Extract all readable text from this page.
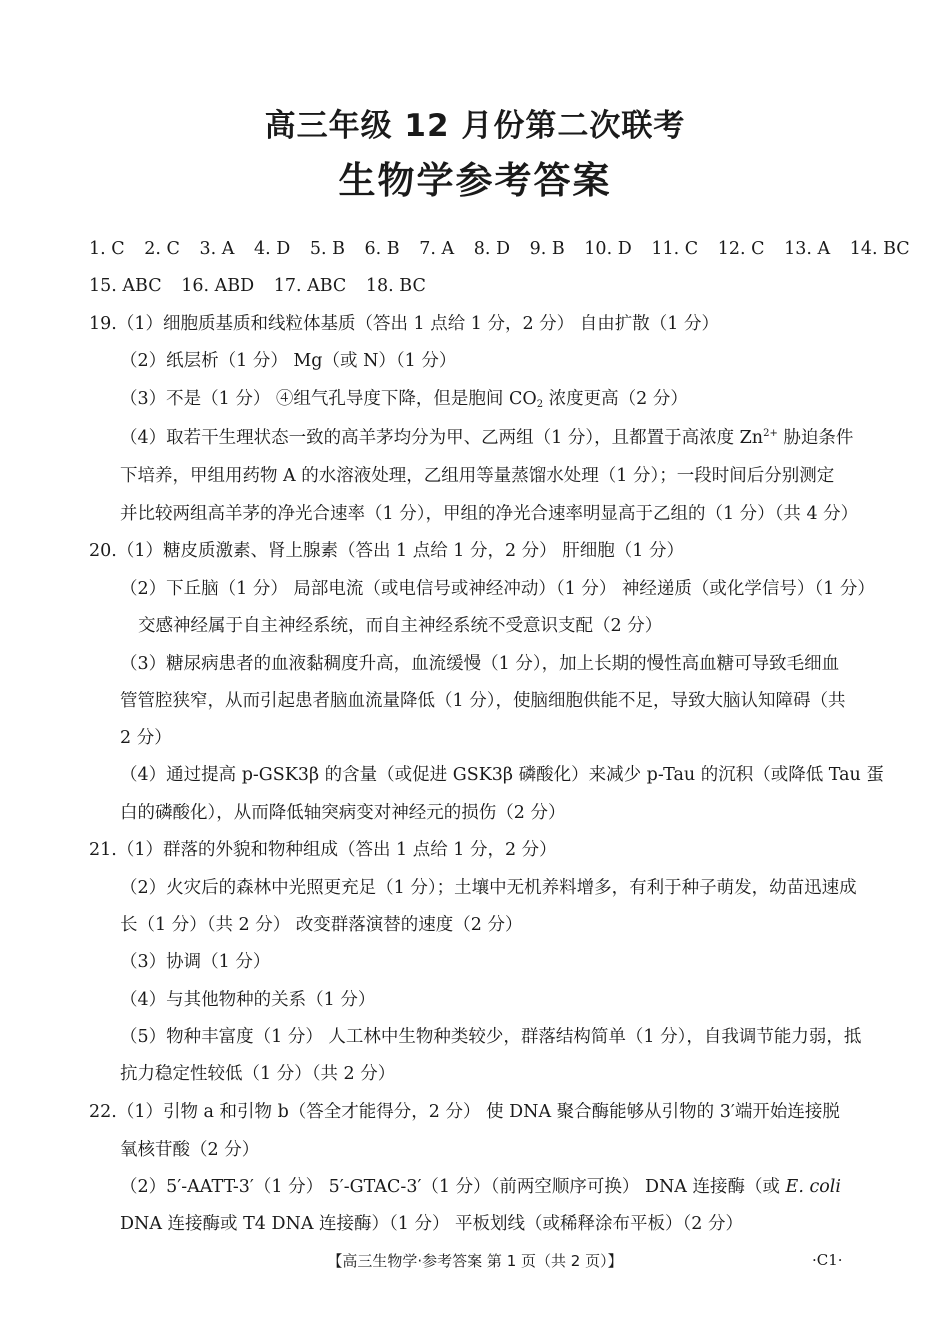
高三年级 12 月份第二次联考
生物学参考答案
1. C 2. C 3. A 4. D 5. B 6. B 7. A 8. D 9. B 10. D 11. C 12. C 13. A 14. BC
15. ABC 16. ABD 17. ABC 18. BC
19.（1）细胞质基质和线粒体基质（答出 1 点给 1 分，2 分） 自由扩散（1 分）
（2）纸层析（1 分） Mg（或 N）（1 分）
（3）不是（1 分） ④组气孔导度下降，但是胞间 $CO_2$ 浓度更高（2 分）
（4）取若干生理状态一致的高羊茅均分为甲、乙两组（1 分），且都置于高浓度 $Zn^{2+}$ 胁迫条件
下培养，甲组用药物 A 的水溶液处理，乙组用等量蒸馏水处理（1 分）；一段时间后分别测定
并比较两组高羊茅的净光合速率（1 分），甲组的净光合速率明显高于乙组的（1 分）（共 4 分）
20.（1）糖皮质激素、肾上腺素（答出 1 点给 1 分，2 分） 肝细胞（1 分）
（2）下丘脑（1 分） 局部电流（或电信号或神经冲动）（1 分） 神经递质（或化学信号）（1 分）
交感神经属于自主神经系统，而自主神经系统不受意识支配（2 分）
（3）糖尿病患者的血液黏稠度升高，血流缓慢（1 分），加上长期的慢性高血糖可导致毛细血
管管腔狭窄，从而引起患者脑血流量降低（1 分），使脑细胞供能不足，导致大脑认知障碍（共
2 分）
（4）通过提高 p-GSK3β 的含量（或促进 GSK3β 磷酸化）来减少 p-Tau 的沉积（或降低 Tau 蛋
白的磷酸化），从而降低轴突病变对神经元的损伤（2 分）
21.（1）群落的外貌和物种组成（答出 1 点给 1 分，2 分）
（2）火灾后的森林中光照更充足（1 分）；土壤中无机养料增多，有利于种子萌发，幼苗迅速成
长（1 分）（共 2 分） 改变群落演替的速度（2 分）
（3）协调（1 分）
（4）与其他物种的关系（1 分）
（5）物种丰富度（1 分） 人工林中生物种类较少，群落结构简单（1 分），自我调节能力弱，抵
抗力稳定性较低（1 分）（共 2 分）
22.（1）引物 a 和引物 b（答全才能得分，2 分） 使 DNA 聚合酶能够从引物的 3′端开始连接脱
氧核苷酸（2 分）
（2）5′-AATT-3′（1 分） 5′-GTAC-3′（1 分）（前两空顺序可换） DNA 连接酶（或 E. coli
DNA 连接酶或 T4 DNA 连接酶）（1 分） 平板划线（或稀释涂布平板）（2 分）
【高三生物学·参考答案 第 1 页（共 2 页）】	·C1·
